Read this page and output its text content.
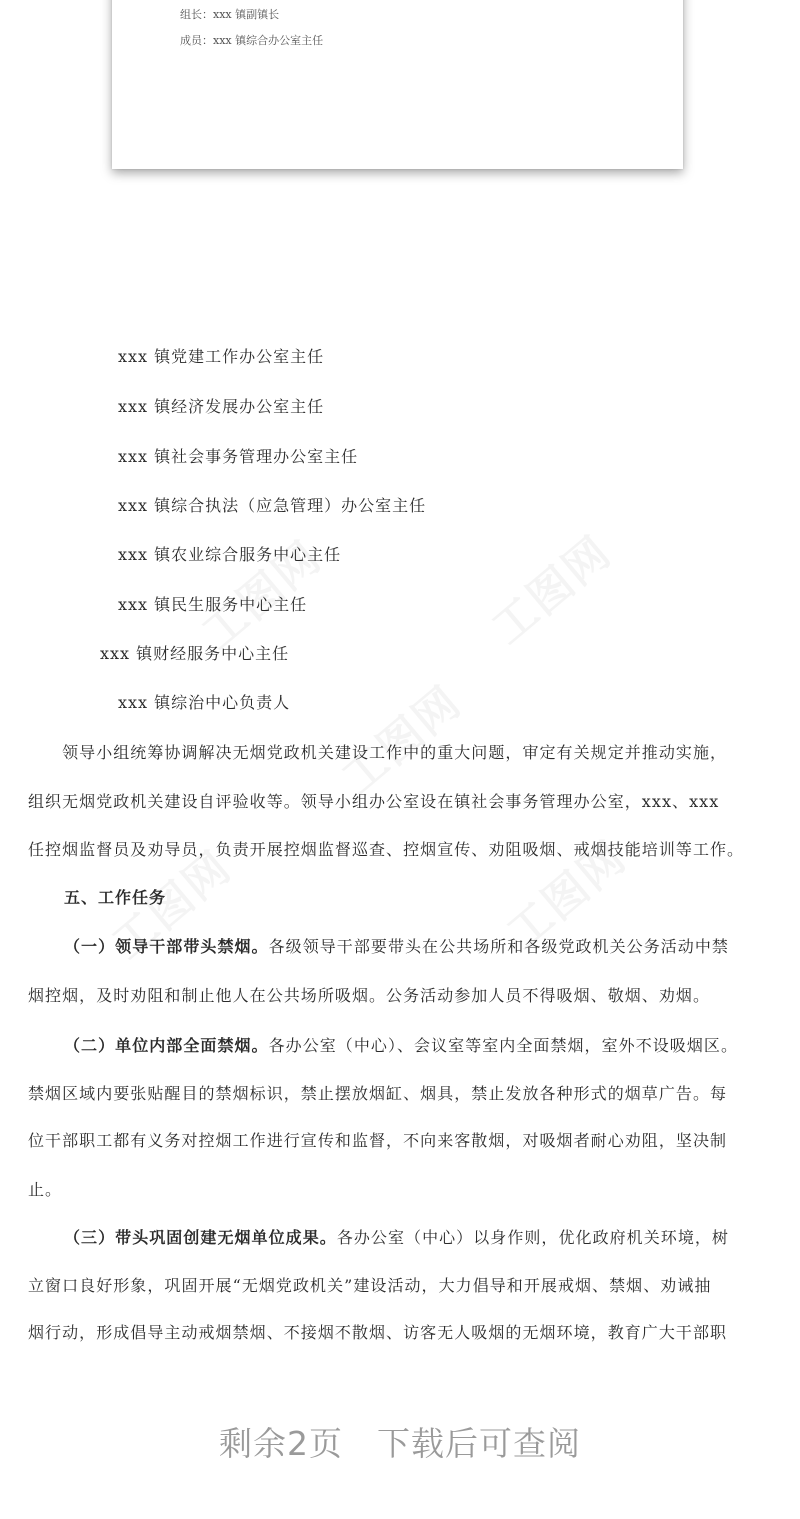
组长：xxx 镇副镇长
成员：xxx 镇综合办公室主任
xxx 镇党建工作办公室主任
xxx 镇经济发展办公室主任
xxx 镇社会事务管理办公室主任
xxx 镇综合执法（应急管理）办公室主任
xxx 镇农业综合服务中心主任
xxx 镇民生服务中心主任
xxx 镇财经服务中心主任
xxx 镇综治中心负责人
　　领导小组统筹协调解决无烟党政机关建设工作中的重大问题，审定有关规定并推动实施，
组织无烟党政机关建设自评验收等。领导小组办公室设在镇社会事务管理办公室，xxx、xxx
任控烟监督员及劝导员，负责开展控烟监督巡查、控烟宣传、劝阻吸烟、戒烟技能培训等工作。
五、工作任务
（一）领导干部带头禁烟。各级领导干部要带头在公共场所和各级党政机关公务活动中禁
烟控烟，及时劝阻和制止他人在公共场所吸烟。公务活动参加人员不得吸烟、敬烟、劝烟。
（二）单位内部全面禁烟。各办公室（中心）、会议室等室内全面禁烟，室外不设吸烟区。
禁烟区域内要张贴醒目的禁烟标识，禁止摆放烟缸、烟具，禁止发放各种形式的烟草广告。每
位干部职工都有义务对控烟工作进行宣传和监督，不向来客散烟，对吸烟者耐心劝阻，坚决制
止。
（三）带头巩固创建无烟单位成果。各办公室（中心）以身作则，优化政府机关环境，树
立窗口良好形象，巩固开展“无烟党政机关”建设活动，大力倡导和开展戒烟、禁烟、劝诫抽
烟行动，形成倡导主动戒烟禁烟、不接烟不散烟、访客无人吸烟的无烟环境，教育广大干部职
剩余2页　下载后可查阅
